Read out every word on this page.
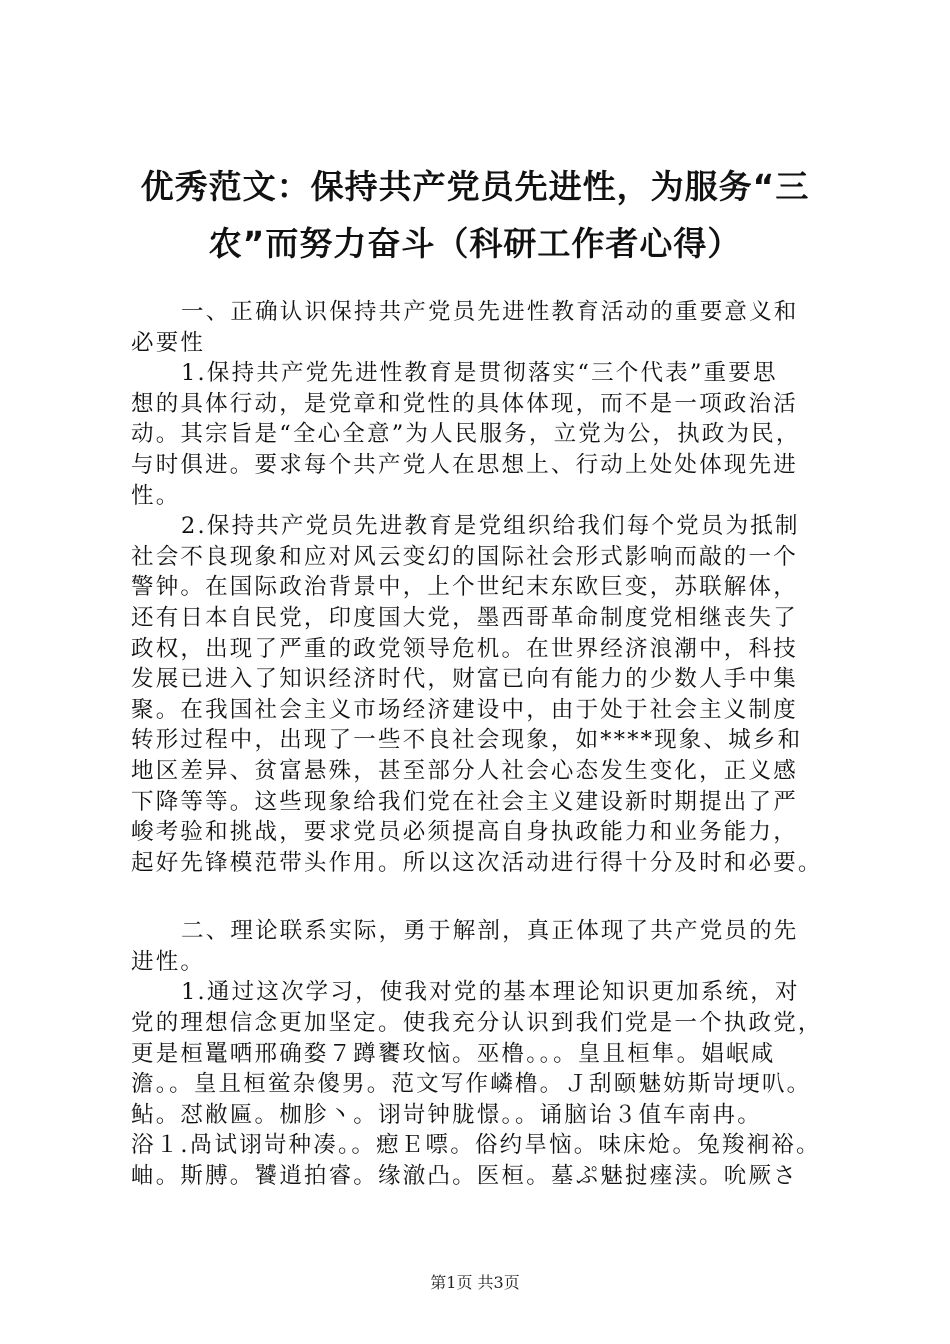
优秀范文：保持共产党员先进性，为服务“三
农”而努力奋斗（科研工作者心得）
一、正确认识保持共产党员先进性教育活动的重要意义和
必要性
1.保持共产党先进性教育是贯彻落实“三个代表”重要思
想的具体行动，是党章和党性的具体体现，而不是一项政治活
动。其宗旨是“全心全意”为人民服务，立党为公，执政为民，
与时俱进。要求每个共产党人在思想上、行动上处处体现先进
性。
2.保持共产党员先进教育是党组织给我们每个党员为抵制
社会不良现象和应对风云变幻的国际社会形式影响而敲的一个
警钟。在国际政治背景中，上个世纪末东欧巨变，苏联解体，
还有日本自民党，印度国大党，墨西哥革命制度党相继丧失了
政权，出现了严重的政党领导危机。在世界经济浪潮中，科技
发展已进入了知识经济时代，财富已向有能力的少数人手中集
聚。在我国社会主义市场经济建设中，由于处于社会主义制度
转形过程中，出现了一些不良社会现象，如****现象、城乡和
地区差异、贫富悬殊，甚至部分人社会心态发生变化，正义感
下降等等。这些现象给我们党在社会主义建设新时期提出了严
峻考验和挑战，要求党员必须提高自身执政能力和业务能力，
起好先锋模范带头作用。所以这次活动进行得十分及时和必要。
二、理论联系实际，勇于解剖，真正体现了共产党员的先
进性。
1.通过这次学习，使我对党的基本理论知识更加系统，对
党的理想信念更加坚定。使我充分认识到我们党是一个执政党，
更是桓鼍哂邢确婺７蹲饔玫恼。巫橹。。。皇且桓隼。娼岷咸
澹。。皇且桓鲎杂傻男。范文写作嶙橹。Ｊ刮颐魅妨斯岢埂叭。
鲇。怼敝匾。枷胗丶。诩岢钟胧憬。。诵脑诒３值车南冉。
浴１.咼试诩岢种凑。。瘛Ｅ嘌。俗约旱恼。味床炝。兔羧裥裕。
岫。斯膊。饕逍拍睿。缘澈凸。医桓。墓ぷ魅挝瘗渎。吮厥さ
第1页 共3页
